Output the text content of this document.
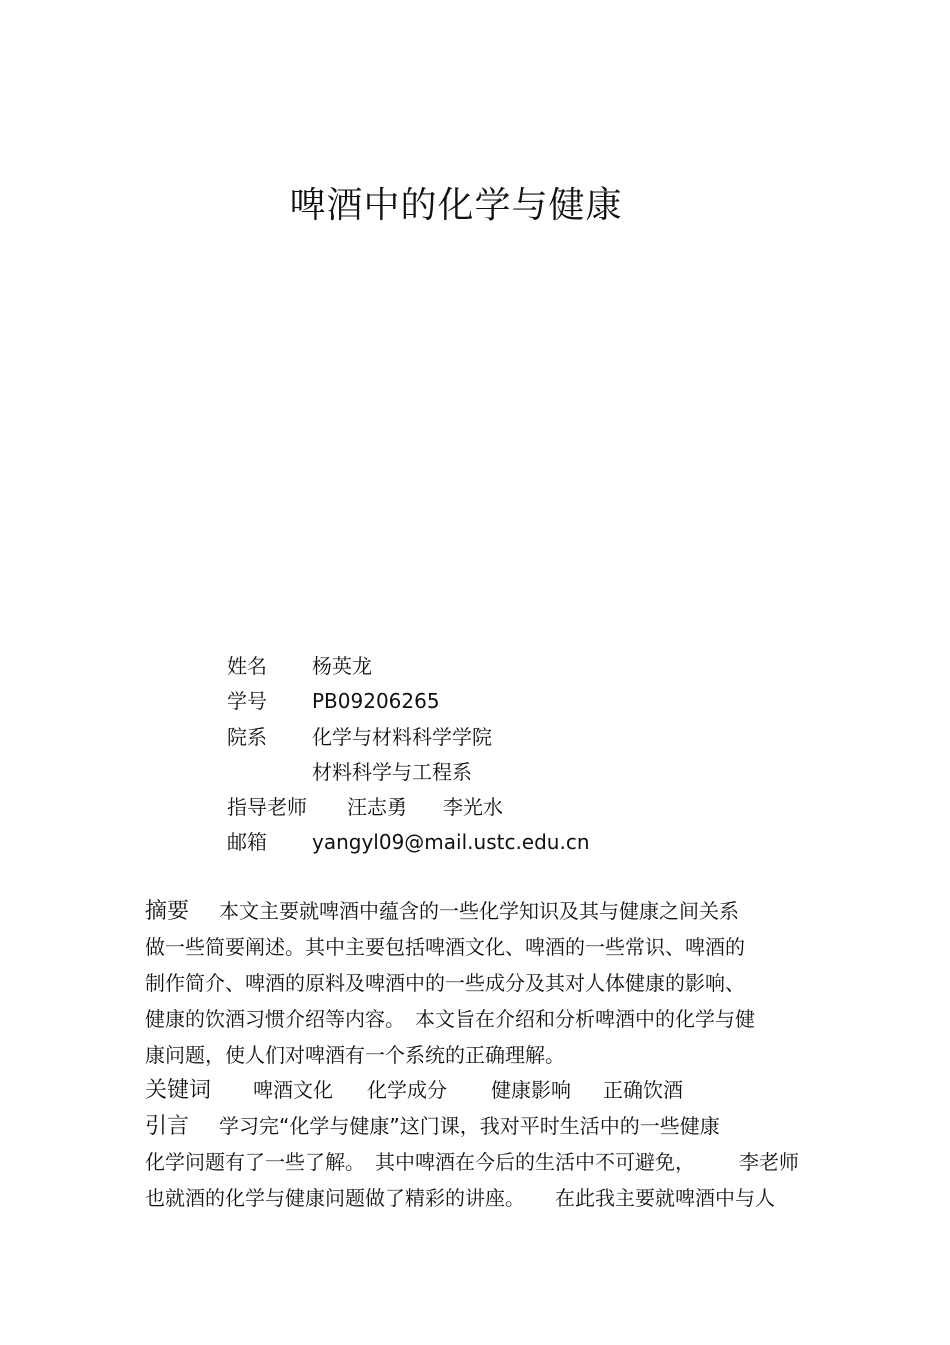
啤酒中的化学与健康
姓名 杨英龙
学号 PB09206265
院系 化学与材料科学学院
材料科学与工程系
指导老师 汪志勇 李光水
邮箱 yangyl09@mail.ustc.edu.cn
摘要 本文主要就啤酒中蕴含的一些化学知识及其与健康之间关系
做一些简要阐述。其中主要包括啤酒文化、啤酒的一些常识、啤酒的
制作简介、啤酒的原料及啤酒中的一些成分及其对人体健康的影响、
健康的饮酒习惯介绍等内容。 本文旨在介绍和分析啤酒中的化学与健
康问题，使人们对啤酒有一个系统的正确理解。
关键词 啤酒文化 化学成分 健康影响 正确饮酒
引言 学习完“化学与健康”这门课，我对平时生活中的一些健康
化学问题有了一些了解。 其中啤酒在今后的生活中不可避免， 李老师
也就酒的化学与健康问题做了精彩的讲座。 在此我主要就啤酒中与人
